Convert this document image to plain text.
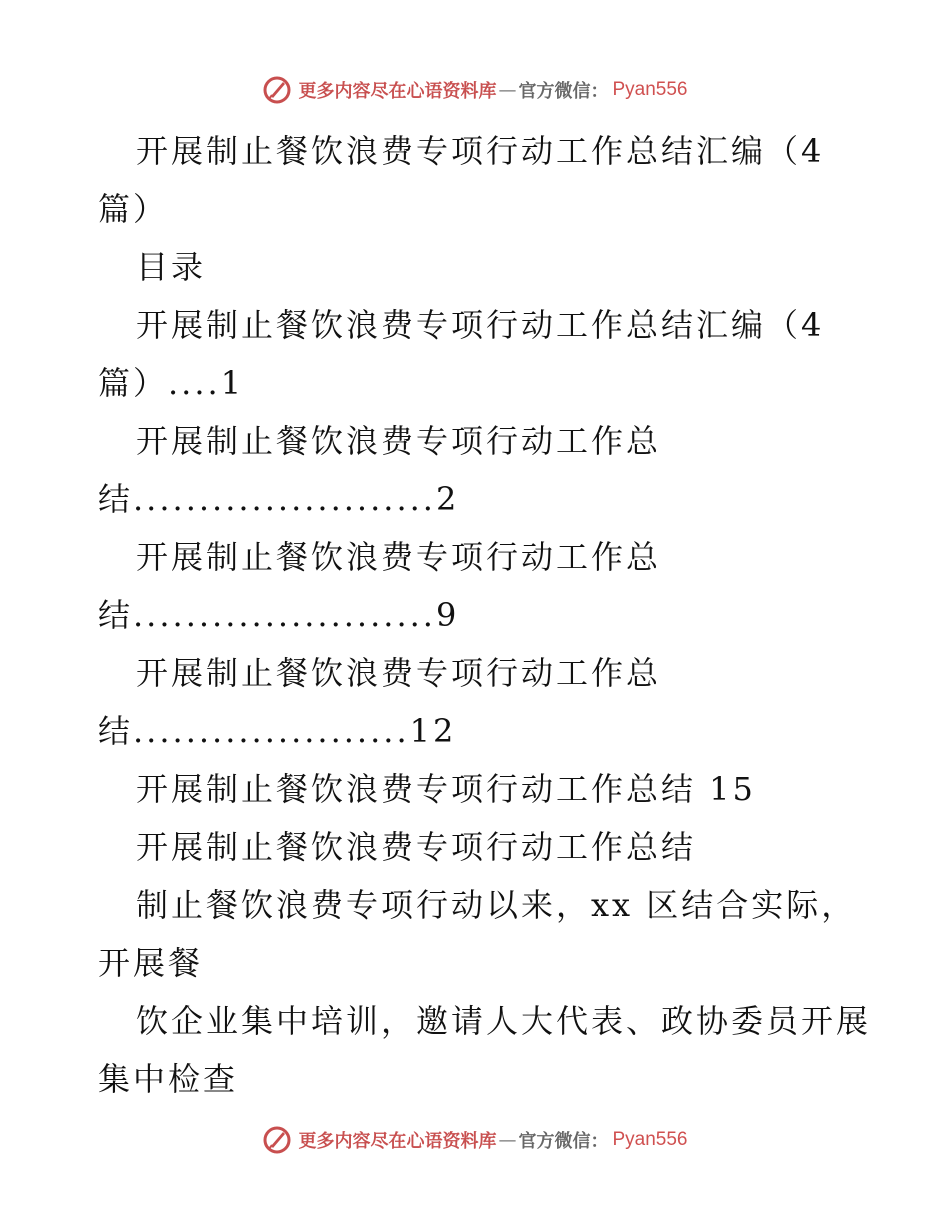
更多内容尽在心语资料库 — 官方微信： Pyan556
开展制止餐饮浪费专项行动工作总结汇编（4
篇）
目录
开展制止餐饮浪费专项行动工作总结汇编（4
篇）....1
开展制止餐饮浪费专项行动工作总
结.......................2
开展制止餐饮浪费专项行动工作总
结.......................9
开展制止餐饮浪费专项行动工作总
结.....................12
开展制止餐饮浪费专项行动工作总结 15
开展制止餐饮浪费专项行动工作总结
制止餐饮浪费专项行动以来，xx 区结合实际，
开展餐
饮企业集中培训，邀请人大代表、政协委员开展
集中检查
更多内容尽在心语资料库 — 官方微信： Pyan556
